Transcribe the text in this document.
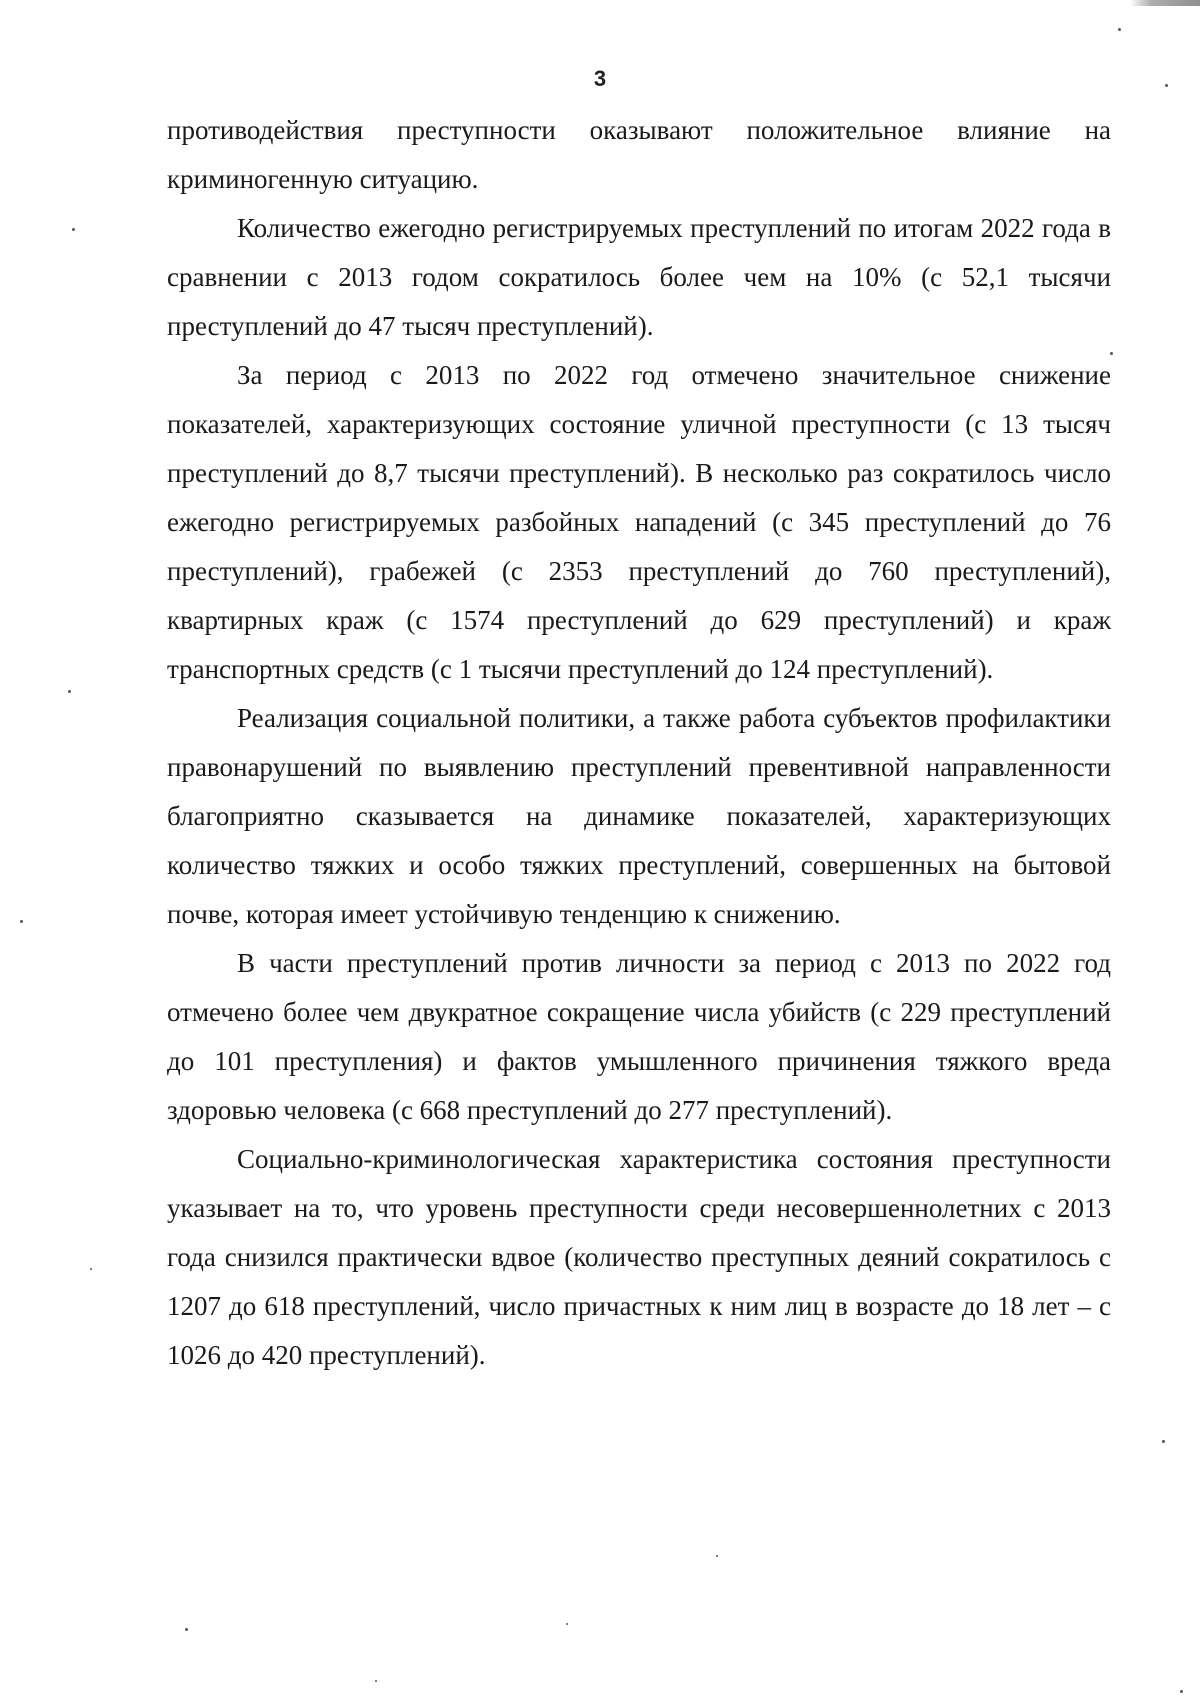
3

противодействия преступности оказывают положительное влияние на криминогенную ситуацию.

Количество ежегодно регистрируемых преступлений по итогам 2022 года в сравнении с 2013 годом сократилось более чем на 10% (с 52,1 тысячи преступлений до 47 тысяч преступлений).

За период с 2013 по 2022 год отмечено значительное снижение показателей, характеризующих состояние уличной преступности (с 13 тысяч преступлений до 8,7 тысячи преступлений). В несколько раз сократилось число ежегодно регистрируемых разбойных нападений (с 345 преступлений до 76 преступлений), грабежей (с 2353 преступлений до 760 преступлений), квартирных краж (с 1574 преступлений до 629 преступлений) и краж транспортных средств (с 1 тысячи преступлений до 124 преступлений).

Реализация социальной политики, а также работа субъектов профилактики правонарушений по выявлению преступлений превентивной направленности благоприятно сказывается на динамике показателей, характеризующих количество тяжких и особо тяжких преступлений, совершенных на бытовой почве, которая имеет устойчивую тенденцию к снижению.

В части преступлений против личности за период с 2013 по 2022 год отмечено более чем двукратное сокращение числа убийств (с 229 преступлений до 101 преступления) и фактов умышленного причинения тяжкого вреда здоровью человека (с 668 преступлений до 277 преступлений).

Социально-криминологическая характеристика состояния преступности указывает на то, что уровень преступности среди несовершеннолетних с 2013 года снизился практически вдвое (количество преступных деяний сократилось с 1207 до 618 преступлений, число причастных к ним лиц в возрасте до 18 лет – с 1026 до 420 преступлений).
